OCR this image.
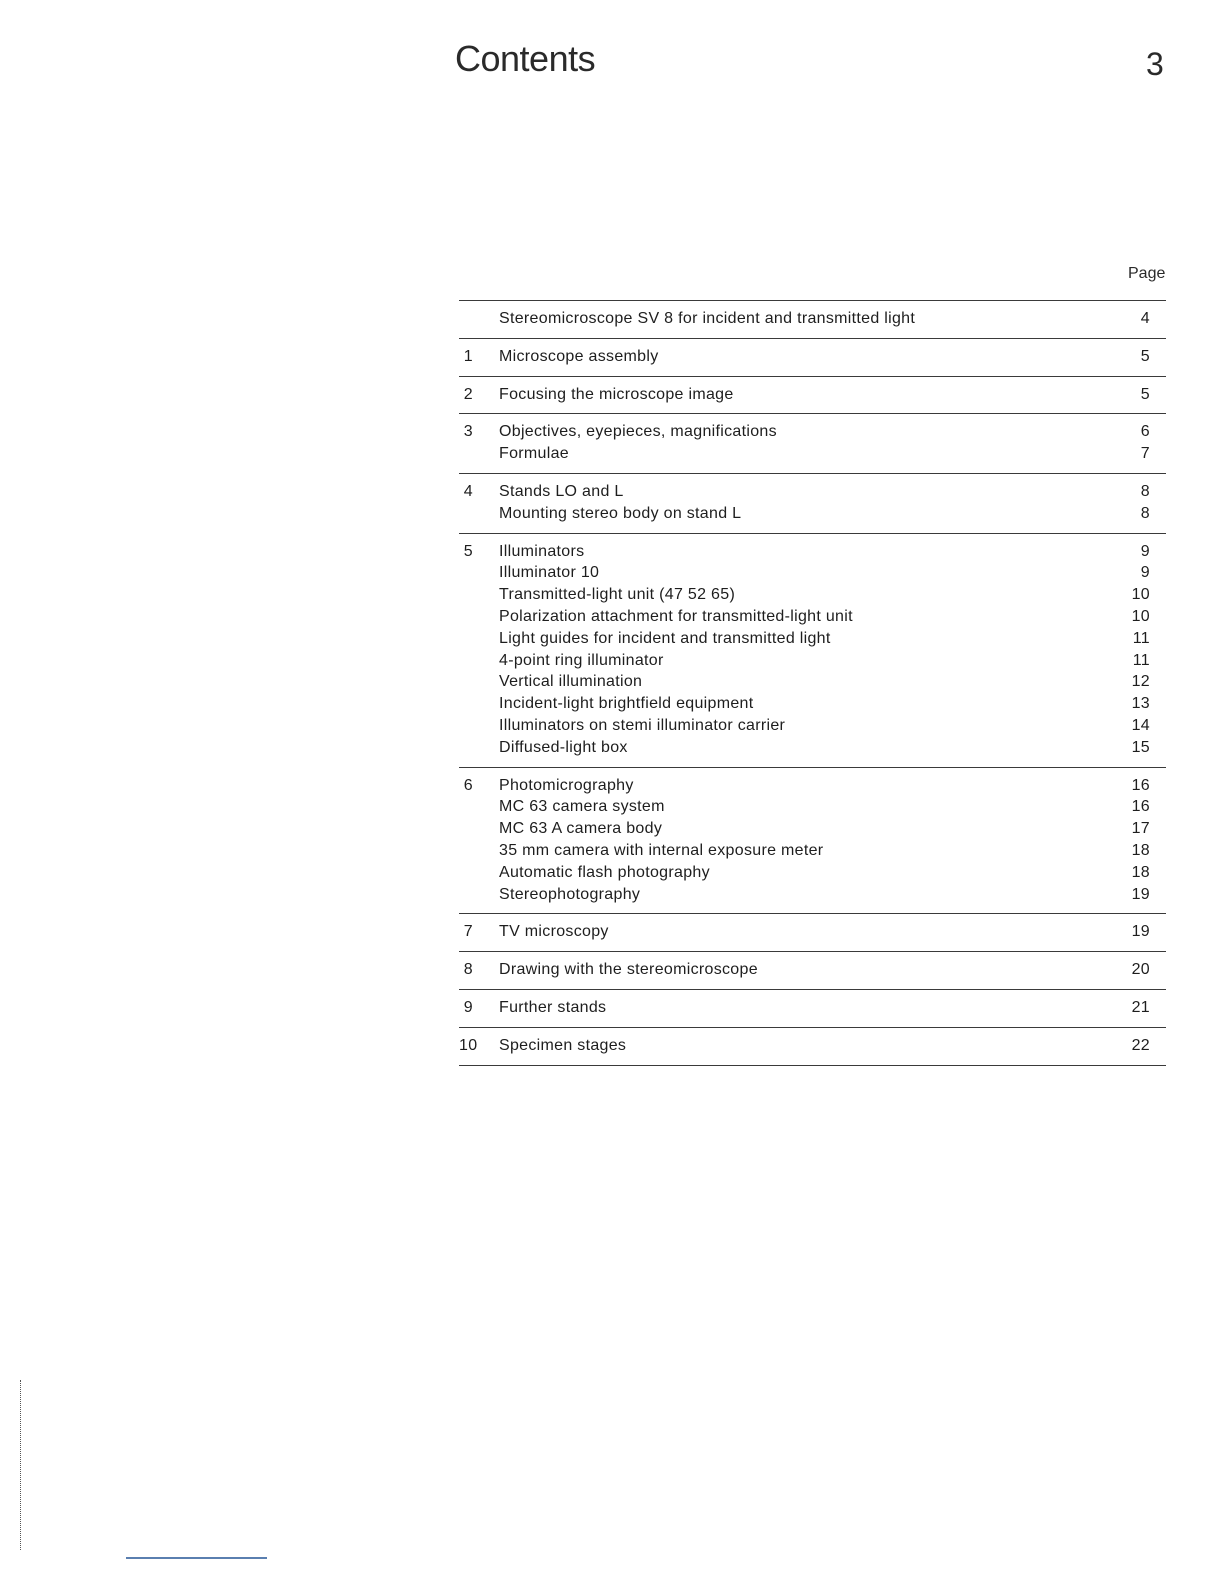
Contents	3
Page
Stereomicroscope SV 8 for incident and transmitted light	4
1 Microscope assembly	5
2 Focusing the microscope image	5
3 Objectives, eyepieces, magnifications	6
Formulae	7
4 Stands LO and L	8
Mounting stereo body on stand L	8
5 Illuminators	9
Illuminator 10	9
Transmitted-light unit (47 52 65)	10
Polarization attachment for transmitted-light unit	10
Light guides for incident and transmitted light	11
4-point ring illuminator	11
Vertical illumination	12
Incident-light brightfield equipment	13
Illuminators on stemi illuminator carrier	14
Diffused-light box	15
6 Photomicrography	16
MC 63 camera system	16
MC 63 A camera body	17
35 mm camera with internal exposure meter	18
Automatic flash photography	18
Stereophotography	19
7 TV microscopy	19
8 Drawing with the stereomicroscope	20
9 Further stands	21
10 Specimen stages	22
